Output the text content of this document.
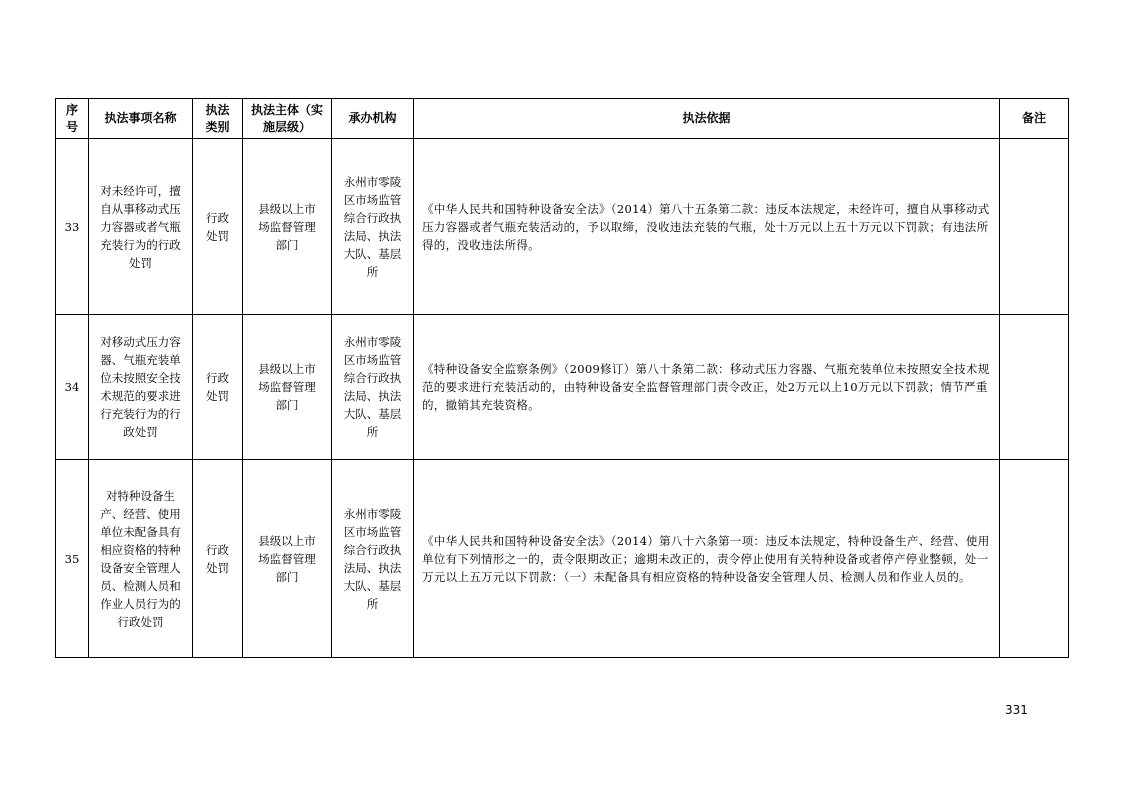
序号	执法事项名称	执法类别	执法主体（实施层级）	承办机构	执法依据	备注
33	对未经许可，擅自从事移动式压力容器或者气瓶充装行为的行政处罚	行政处罚	县级以上市场监督管理部门	永州市零陵区市场监管综合行政执法局、执法大队、基层所	《中华人民共和国特种设备安全法》（2014）第八十五条第二款：违反本法规定，未经许可，擅自从事移动式压力容器或者气瓶充装活动的，予以取缔，没收违法充装的气瓶，处十万元以上五十万元以下罚款；有违法所得的，没收违法所得。	
34	对移动式压力容器、气瓶充装单位未按照安全技术规范的要求进行充装行为的行政处罚	行政处罚	县级以上市场监督管理部门	永州市零陵区市场监管综合行政执法局、执法大队、基层所	《特种设备安全监察条例》（2009修订）第八十条第二款：移动式压力容器、气瓶充装单位未按照安全技术规范的要求进行充装活动的，由特种设备安全监督管理部门责令改正，处2万元以上10万元以下罚款；情节严重的，撤销其充装资格。	
35	对特种设备生产、经营、使用单位未配备具有相应资格的特种设备安全管理人员、检测人员和作业人员行为的行政处罚	行政处罚	县级以上市场监督管理部门	永州市零陵区市场监管综合行政执法局、执法大队、基层所	《中华人民共和国特种设备安全法》（2014）第八十六条第一项：违反本法规定，特种设备生产、经营、使用单位有下列情形之一的，责令限期改正；逾期未改正的，责令停止使用有关特种设备或者停产停业整顿，处一万元以上五万元以下罚款：（一）未配备具有相应资格的特种设备安全管理人员、检测人员和作业人员的。	
331
